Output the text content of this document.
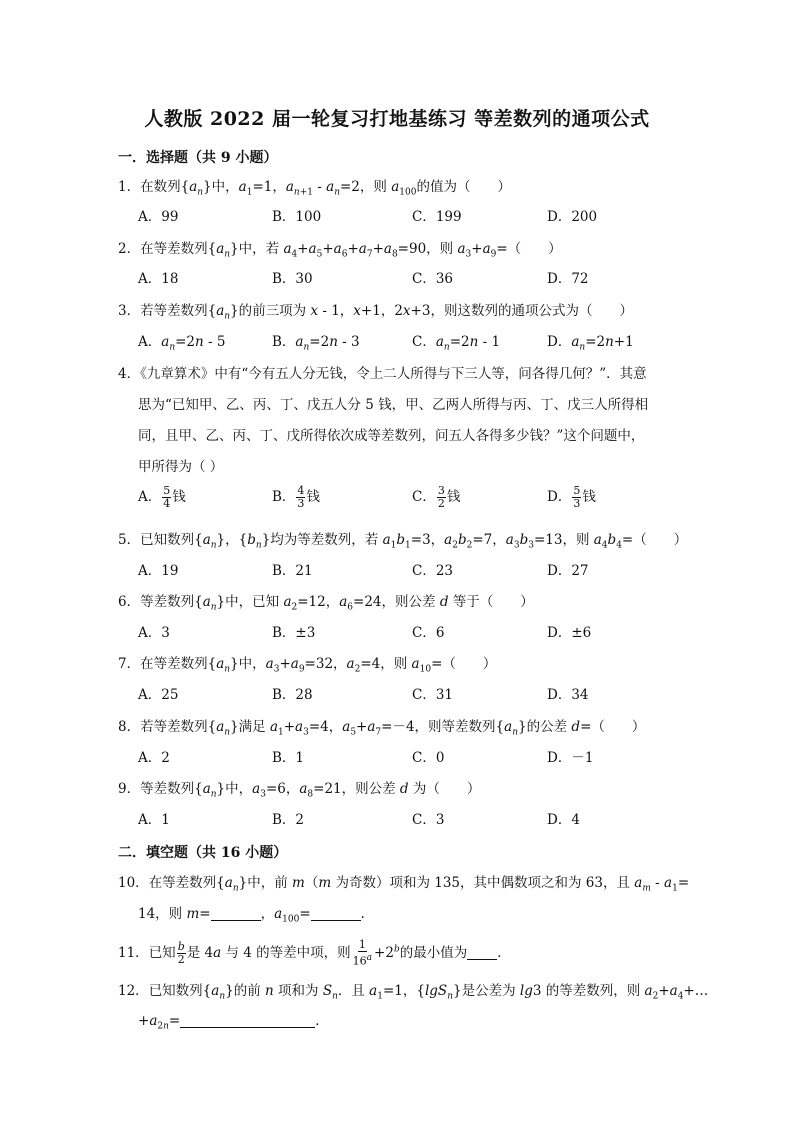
人教版 2022 届一轮复习打地基练习 等差数列的通项公式
一．选择题（共 9 小题）
1．在数列$\{a_n\}$中，$a_1=1$，$a_{n+1} - a_n=2$，则 $a_{100}$的值为（　　）
A．99	B．100	C．199	D．200
2．在等差数列$\{a_n\}$中，若 $a_4+a_5+a_6+a_7+a_8=90$，则 $a_3+a_9=$（　　）
A．18	B．30	C．36	D．72
3．若等差数列$\{a_n\}$的前三项为 x - 1，x+1，2x+3，则这数列的通项公式为（　　）
A．$a_n=2n - 5$	B．$a_n=2n - 3$	C．$a_n=2n - 1$	D．$a_n=2n+1$
4．《九章算术》中有“今有五人分无钱，令上二人所得与下三人等，问各得几何？”．其意
思为“已知甲、乙、丙、丁、戊五人分 5 钱，甲、乙两人所得与丙、丁、戊三人所得相
同，且甲、乙、丙、丁、戊所得依次成等差数列，问五人各得多少钱？”这个问题中，
甲所得为（ ）
A． $\frac{5}{4}$ 钱	B． $\frac{4}{3}$ 钱	C． $\frac{3}{2}$ 钱	D． $\frac{5}{3}$ 钱
5．已知数列$\{a_n\}$，$\{b_n\}$均为等差数列，若 $a_1b_1=3$，$a_2b_2=7$，$a_3b_3=13$，则 $a_4b_4=$（　　）
A．19	B．21	C．23	D．27
6．等差数列$\{a_n\}$中，已知 $a_2=12$，$a_6=24$，则公差 d 等于（　　）
A．3	B．±3	C．6	D．±6
7．在等差数列$\{a_n\}$中，$a_3+a_9=32$，$a_2=4$，则 $a_{10}=$（　　）
A．25	B．28	C．31	D．34
8．若等差数列$\{a_n\}$满足 $a_1+a_3=4$，$a_5+a_7=-4$，则等差数列$\{a_n\}$的公差 d=（　　）
A．2	B．1	C．0	D．－1
9．等差数列$\{a_n\}$中，$a_3=6$，$a_8=21$，则公差 d 为（　　）
A．1	B．2	C．3	D．4
二．填空题（共 16 小题）
10．在等差数列$\{a_n\}$中，前 m（m 为奇数）项和为 135，其中偶数项之和为 63，且 $a_m - a_1=$
14，则 m=	，$a_{100}=$	．
11．已知 $\frac{b}{2}$ 是 4a 与 4 的等差中项，则 $\frac{1}{16^a} +2^b$的最小值为 ．
12．已知数列$\{a_n\}$的前 n 项和为 $S_n$．且 $a_1=1$，{lgS$_n$}是公差为 lg3 的等差数列，则 $a_2+a_4+\dots$
$+a_{2n}=$	．
